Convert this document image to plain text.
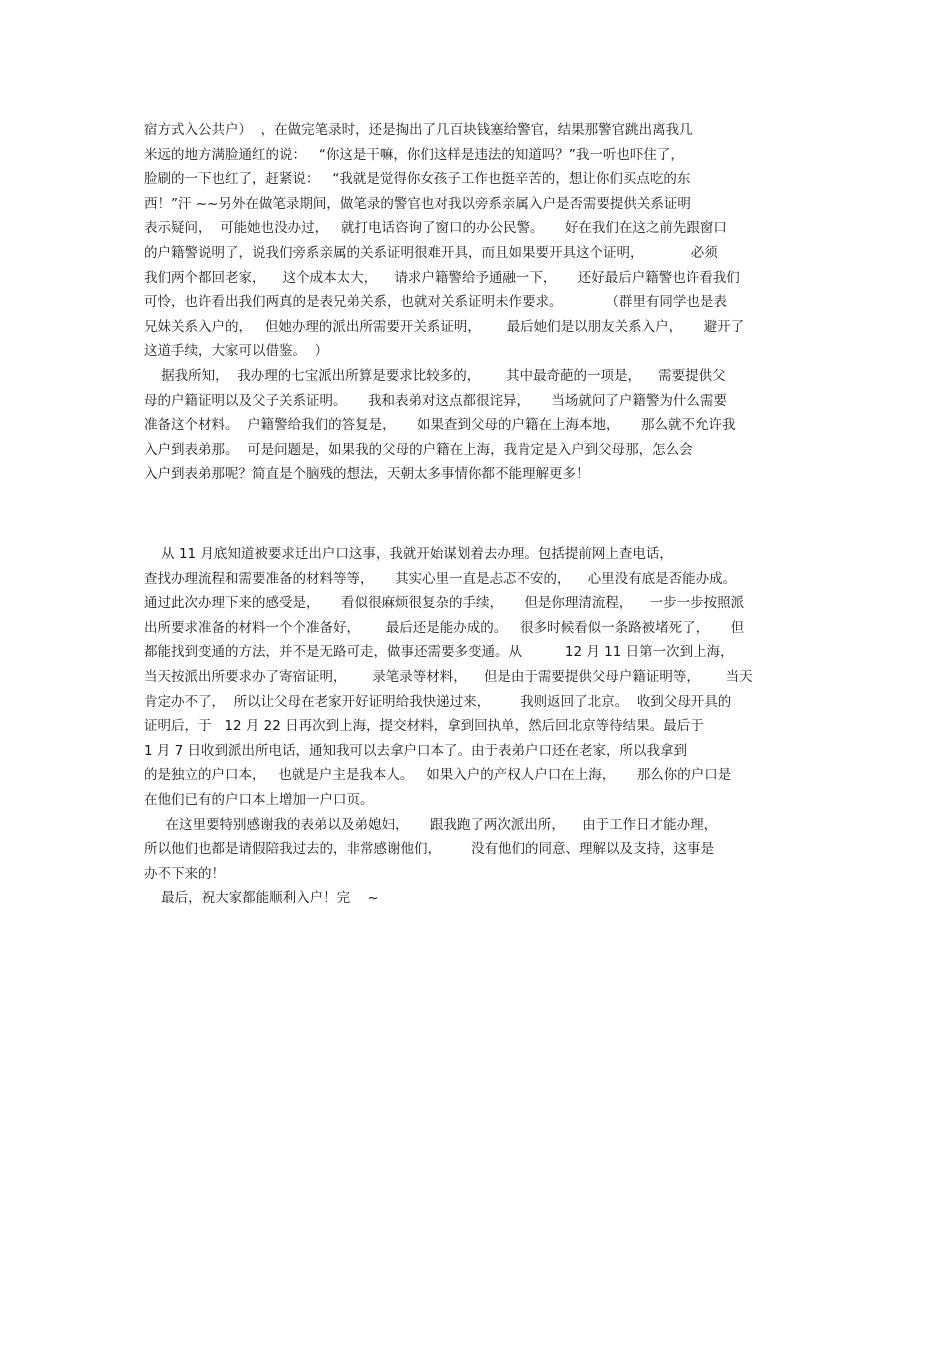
宿方式入公共户）  ，在做完笔录时，还是掏出了几百块钱塞给警官，结果那警官跳出离我几
米远的地方满脸通红的说：   “你这是干嘛，你们这样是违法的知道吗？”我一听也吓住了，
脸刷的一下也红了，赶紧说：   “我就是觉得你女孩子工作也挺辛苦的，想让你们买点吃的东
西！”汗 ~~另外在做笔录期间，做笔录的警官也对我以旁系亲属入户是否需要提供关系证明
表示疑问，  可能她也没办过，   就打电话咨询了窗口的办公民警。     好在我们在这之前先跟窗口
的户籍警说明了，说我们旁系亲属的关系证明很难开具，而且如果要开具这个证明，           必须
我们两个都回老家，    这个成本太大，    请求户籍警给予通融一下，     还好最后户籍警也许看我们
可怜，也许看出我们两真的是表兄弟关系，也就对关系证明未作要求。          （群里有同学也是表
兄妹关系入户的，   但她办理的派出所需要开关系证明，      最后她们是以朋友关系入户，     避开了
这道手续，大家可以借鉴。  ）
据我所知，  我办理的七宝派出所算是要求比较多的，      其中最奇葩的一项是，    需要提供父
母的户籍证明以及父子关系证明。     我和表弟对这点都很诧异，     当场就问了户籍警为什么需要
准备这个材料。  户籍警给我们的答复是，     如果查到父母的户籍在上海本地，     那么就不允许我
入户到表弟那。  可是问题是，如果我的父母的户籍在上海，我肯定是入户到父母那，怎么会
入户到表弟那呢？简直是个脑残的想法，天朝太多事情你都不能理解更多！
从 11 月底知道被要求迁出户口这事，我就开始谋划着去办理。包括提前网上查电话，
查找办理流程和需要准备的材料等等，     其实心里一直是忐忑不安的，    心里没有底是否能办成。
通过此次办理下来的感受是，     看似很麻烦很复杂的手续，     但是你理清流程，    一步一步按照派
出所要求准备的材料一个个准备好，      最后还是能办成的。   很多时候看似一条路被堵死了，     但
都能找到变通的方法，并不是无路可走，做事还需要多变通。从          12 月 11 日第一次到上海，
当天按派出所要求办了寄宿证明，      录笔录等材料，    但是由于需要提供父母户籍证明等，      当天
肯定办不了，  所以让父母在老家开好证明给我快递过来，       我则返回了北京。  收到父母开具的
证明后，于   12 月 22 日再次到上海，提交材料，拿到回执单，然后回北京等待结果。最后于
1 月 7 日收到派出所电话，通知我可以去拿户口本了。由于表弟户口还在老家，所以我拿到
的是独立的户口本，   也就是户主是我本人。   如果入户的产权人户口在上海，     那么你的户口是
在他们已有的户口本上增加一户口页。
在这里要特别感谢我的表弟以及弟媳妇，     跟我跑了两次派出所，    由于工作日才能办理，
所以他们也都是请假陪我过去的，非常感谢他们，       没有他们的同意、理解以及支持，这事是
办不下来的！
最后，祝大家都能顺利入户！完    ~
